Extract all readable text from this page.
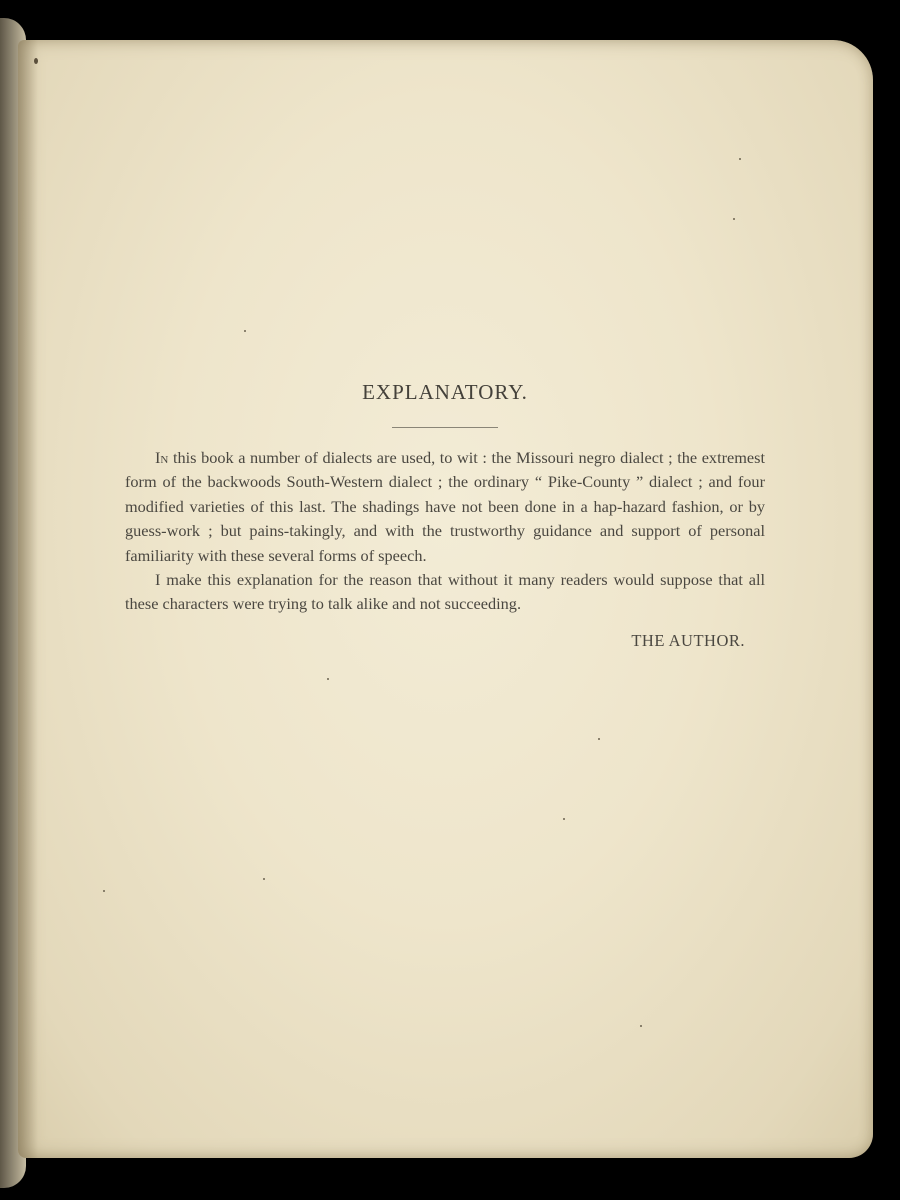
EXPLANATORY.

In this book a number of dialects are used, to wit : the Missouri negro dialect ; the extremest form of the backwoods South-Western dialect ; the ordinary “ Pike-County ” dialect ; and four modified varieties of this last. The shadings have not been done in a hap-hazard fashion, or by guess-work ; but pains-takingly, and with the trustworthy guidance and support of personal familiarity with these several forms of speech.

I make this explanation for the reason that without it many readers would suppose that all these characters were trying to talk alike and not succeeding.

THE AUTHOR.
